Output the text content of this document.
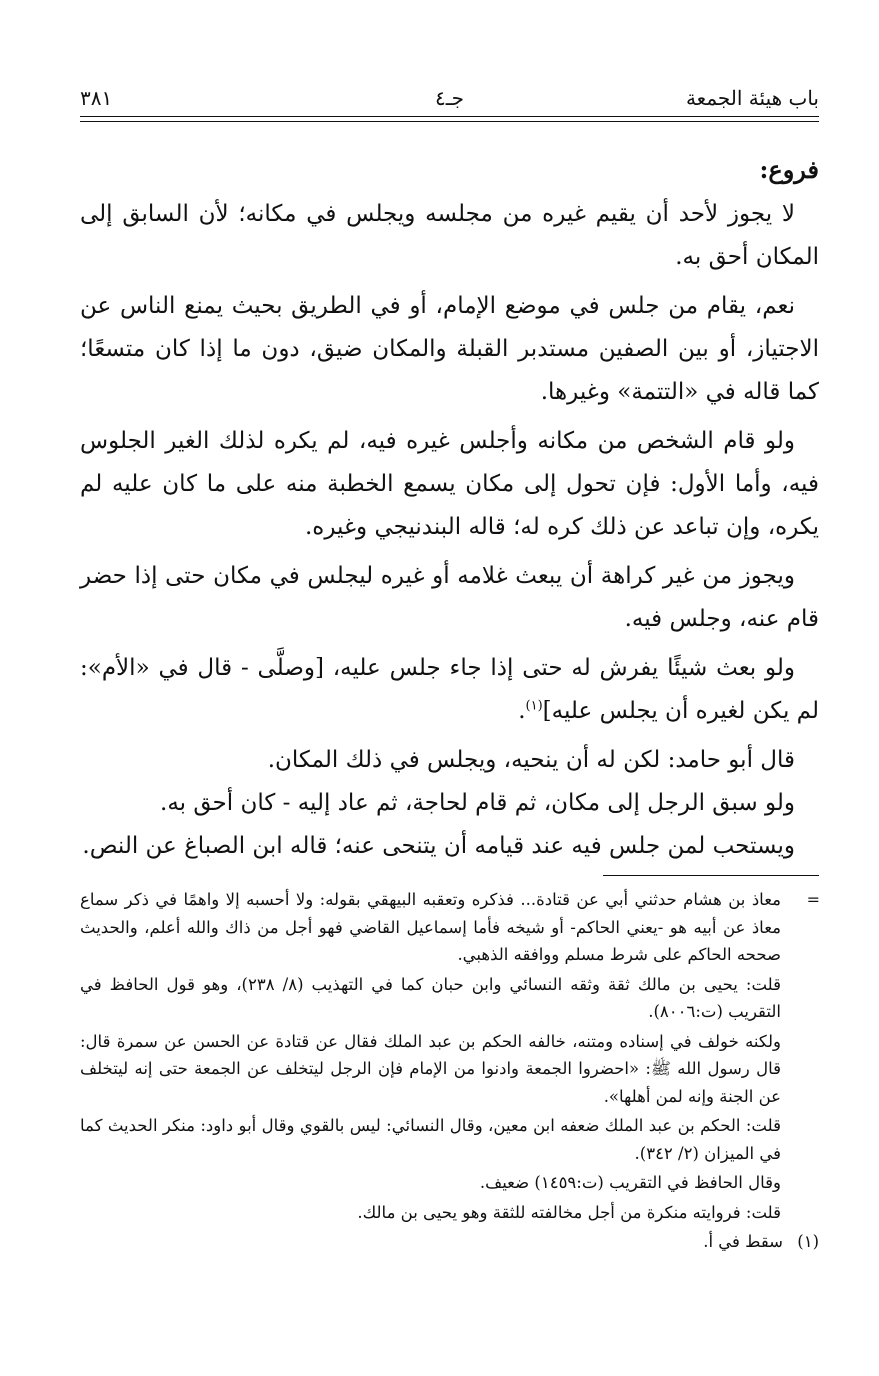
باب هيئة الجمعة
جـ٤
٣٨١

فروع:

لا يجوز لأحد أن يقيم غيره من مجلسه ويجلس في مكانه؛ لأن السابق إلى المكان أحق به.

نعم، يقام من جلس في موضع الإمام، أو في الطريق بحيث يمنع الناس عن الاجتياز، أو بين الصفين مستدبر القبلة والمكان ضيق، دون ما إذا كان متسعًا؛ كما قاله في «التتمة» وغيرها.

ولو قام الشخص من مكانه وأجلس غيره فيه، لم يكره لذلك الغير الجلوس فيه، وأما الأول: فإن تحول إلى مكان يسمع الخطبة منه على ما كان عليه لم يكره، وإن تباعد عن ذلك كره له؛ قاله البندنيجي وغيره.

ويجوز من غير كراهة أن يبعث غلامه أو غيره ليجلس في مكان حتى إذا حضر قام عنه، وجلس فيه.

ولو بعث شيئًا يفرش له حتى إذا جاء جلس عليه، [وصلَّى - قال في «الأم»: لم يكن لغيره أن يجلس عليه]$^{(١)}$.

قال أبو حامد: لكن له أن ينحيه، ويجلس في ذلك المكان.

ولو سبق الرجل إلى مكان، ثم قام لحاجة، ثم عاد إليه - كان أحق به.

ويستحب لمن جلس فيه عند قيامه أن يتنحى عنه؛ قاله ابن الصباغ عن النص.

=

معاذ بن هشام حدثني أبي عن قتادة... فذكره وتعقبه البيهقي بقوله: ولا أحسبه إلا واهمًا في ذكر سماع معاذ عن أبيه هو -يعني الحاكم- أو شيخه فأما إسماعيل القاضي فهو أجل من ذاك والله أعلم، والحديث صححه الحاكم على شرط مسلم ووافقه الذهبي.

قلت: يحيى بن مالك ثقة وثقه النسائي وابن حبان كما في التهذيب (٨/ ٢٣٨)، وهو قول الحافظ في التقريب (ت:٨٠٠٦).

ولكنه خولف في إسناده ومتنه، خالفه الحكم بن عبد الملك فقال عن قتادة عن الحسن عن سمرة قال: قال رسول الله ﷺ: «احضروا الجمعة وادنوا من الإمام فإن الرجل ليتخلف عن الجمعة حتى إنه ليتخلف عن الجنة وإنه لمن أهلها».

قلت: الحكم بن عبد الملك ضعفه ابن معين، وقال النسائي: ليس بالقوي وقال أبو داود: منكر الحديث كما في الميزان (٢/ ٣٤٢).

وقال الحافظ في التقريب (ت:١٤٥٩) ضعيف.

قلت: فروايته منكرة من أجل مخالفته للثقة وهو يحيى بن مالك.

(١)سقط في أ.
